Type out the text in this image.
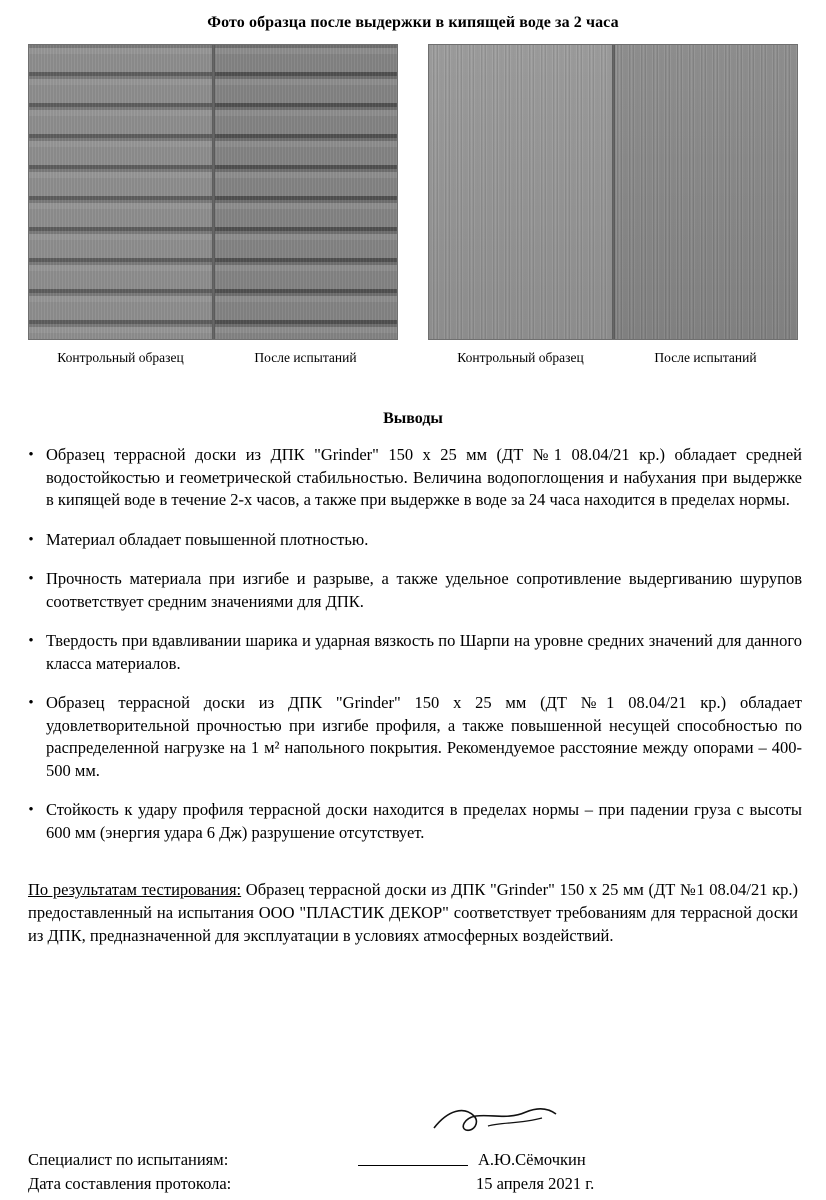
Фото образца после выдержки в кипящей воде за 2 часа
Контрольный образец	После испытаний	Контрольный образец	После испытаний
Выводы
• Образец террасной доски из ДПК "Grinder" 150 х 25 мм (ДТ №1 08.04/21 кр.) обладает средней водостойкостью и геометрической стабильностью. Величина водопоглощения и набухания при выдержке в кипящей воде в течение 2-х часов, а также при выдержке в воде за 24 часа находится в пределах нормы.
• Материал обладает повышенной плотностью.
• Прочность материала при изгибе и разрыве, а также удельное сопротивление выдергиванию шурупов соответствует средним значениями для ДПК.
• Твердость при вдавливании шарика и ударная вязкость по Шарпи на уровне средних значений для данного класса материалов.
• Образец террасной доски из ДПК "Grinder" 150 х 25 мм (ДТ №1 08.04/21 кр.) обладает удовлетворительной прочностью при изгибе профиля, а также повышенной несущей способностью по распределенной нагрузке на 1 м² напольного покрытия. Рекомендуемое расстояние между опорами – 400-500 мм.
• Стойкость к удару профиля террасной доски находится в пределах нормы – при падении груза с высоты 600 мм (энергия удара 6 Дж) разрушение отсутствует.
По результатам тестирования: Образец террасной доски из ДПК "Grinder" 150 х 25 мм (ДТ №1 08.04/21 кр.) предоставленный на испытания ООО "ПЛАСТИК ДЕКОР" соответствует требованиям для террасной доски из ДПК, предназначенной для эксплуатации в условиях атмосферных воздействий.
Специалист по испытаниям:	А.Ю.Сёмочкин
Дата составления протокола:	15 апреля 2021 г.
